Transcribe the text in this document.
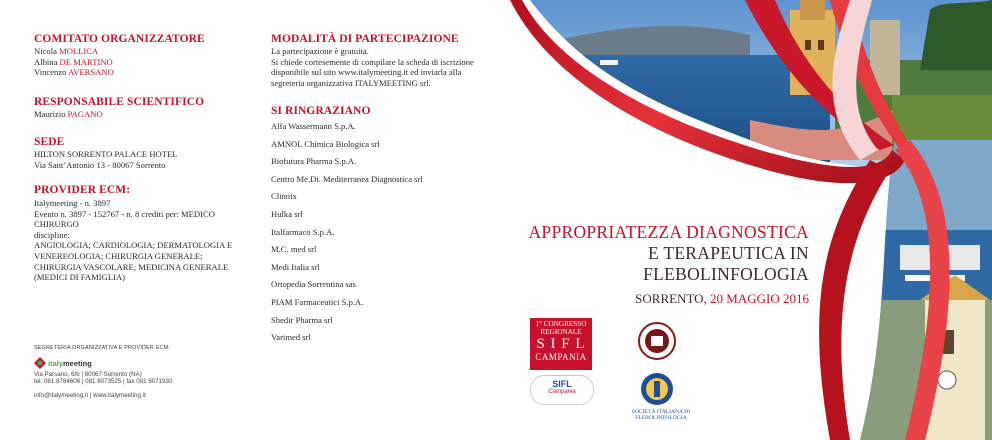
COMITATO ORGANIZZATORE
Nicola MOLLICA
Albina DE MARTINO
Vincenzo AVERSANO
RESPONSABILE SCIENTIFICO
Maurizio PAGANO
SEDE
HILTON SORRENTO PALACE HOTEL
Via Sant’Antonio 13 - 80067 Sorrento
PROVIDER ECM:
Italymeeting - n. 3897
Evento n. 3897 - 152767 - n. 8 crediti per: MEDICO CHIRURGO
discipline:
ANGIOLOGIA; CARDIOLOGIA; DERMATOLOGIA E
VENEREOLOGIA; CHIRURGIA GENERALE;
CHIRURGIA VASCOLARE; MEDICINA GENERALE
(MEDICI DI FAMIGLIA)
SEGRETERIA ORGANIZZATIVA E PROVIDER ECM:
italymeeting
Via Parsano, 6/b | 80067 Sorrento (NA)
tel. 081 8784606 | 081 8073525 | fax 081 8071930
info@italymeeting.it | www.italymeeting.it
MODALITÀ DI PARTECIPAZIONE
La partecipazione è gratuita.
Si chiede cortesemente di compilare la scheda di iscrizione
disponibile sul sito www.italymeeting.it ed inviarla alla
segreteria organizzativa ITALYMEETING srl.
SI RINGRAZIANO
Alfa Wassermann S.p.A.
AMNOL Chimica Biologica srl
Biofutura Pharma S.p.A.
Centro Me.Di. Mediterranea Diagnostica srl
Clinnix
Hulka srl
Italfarmaco S.p.A.
M.C. med srl
Medi Italia srl
Ortopedia Sorrentina sas
PIAM Farmaceutici S.p.A.
Shedir Pharma srl
Varimed srl
APPROPRIATEZZA DIAGNOSTICA
E TERAPEUTICA IN FLEBOLINFOLOGIA
SORRENTO, 20 MAGGIO 2016
1° CONGRESSO
REGIONALE
S I F L
CAMPANIA
SIFL
Campania
SOCIETÀ ITALIANA DI FLEBOLINFOLOGIA
